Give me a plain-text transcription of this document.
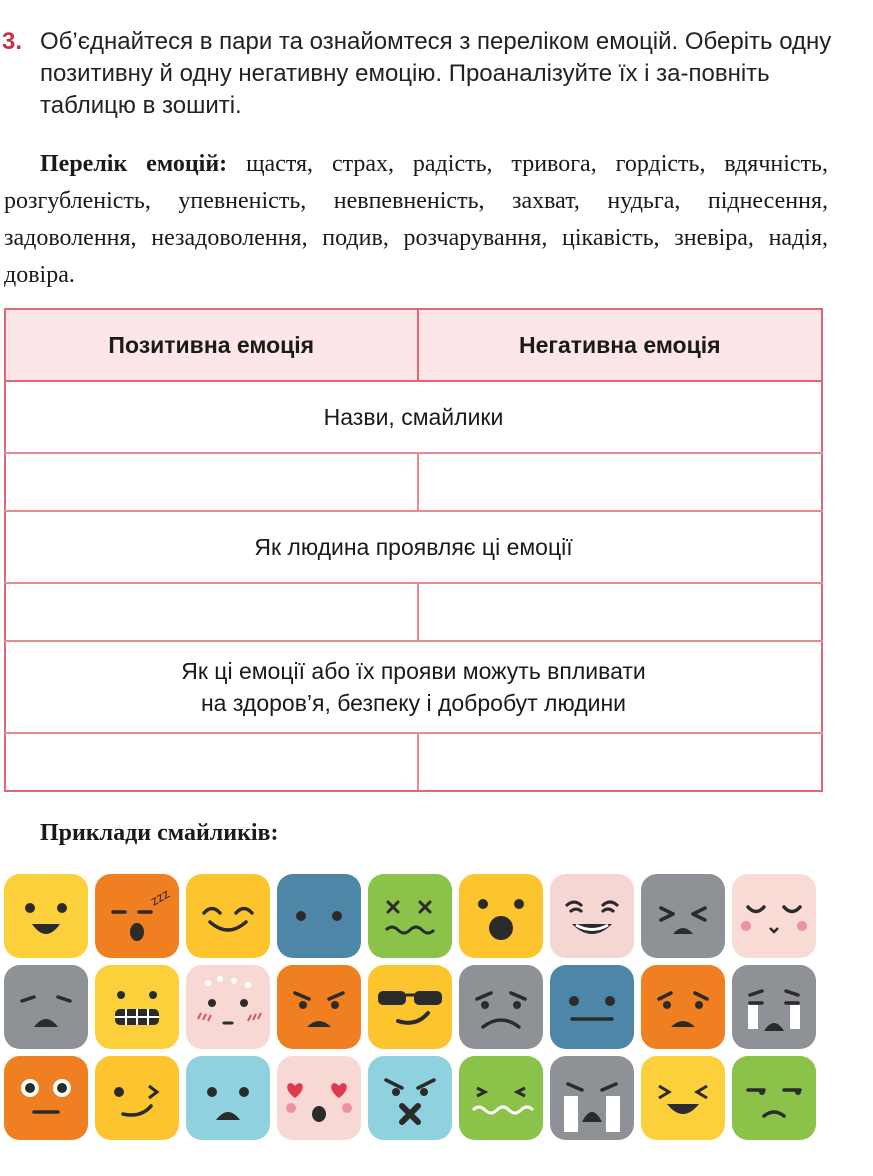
3. Об’єднайтеся в пари та ознайомтеся з переліком емоцій. Оберіть одну позитивну й одну негативну емоцію. Проаналізуйте їх і за-повніть таблицю в зошиті.
Перелік емоцій: щастя, страх, радість, тривога, гордість, вдячність, розгубленість, упевненість, невпевненість, захват, нудьга, піднесення, задоволення, незадоволення, подив, розчарування, цікавість, зневіра, надія, довіра.
Позитивна емоція	Негативна емоція
Назви, смайлики	

Як людина проявляє ці емоції	

Як ці емоції або їх прояви можуть впливати
на здоров’я, безпеку і добробут людини	

Приклади смайликів:
zzz
